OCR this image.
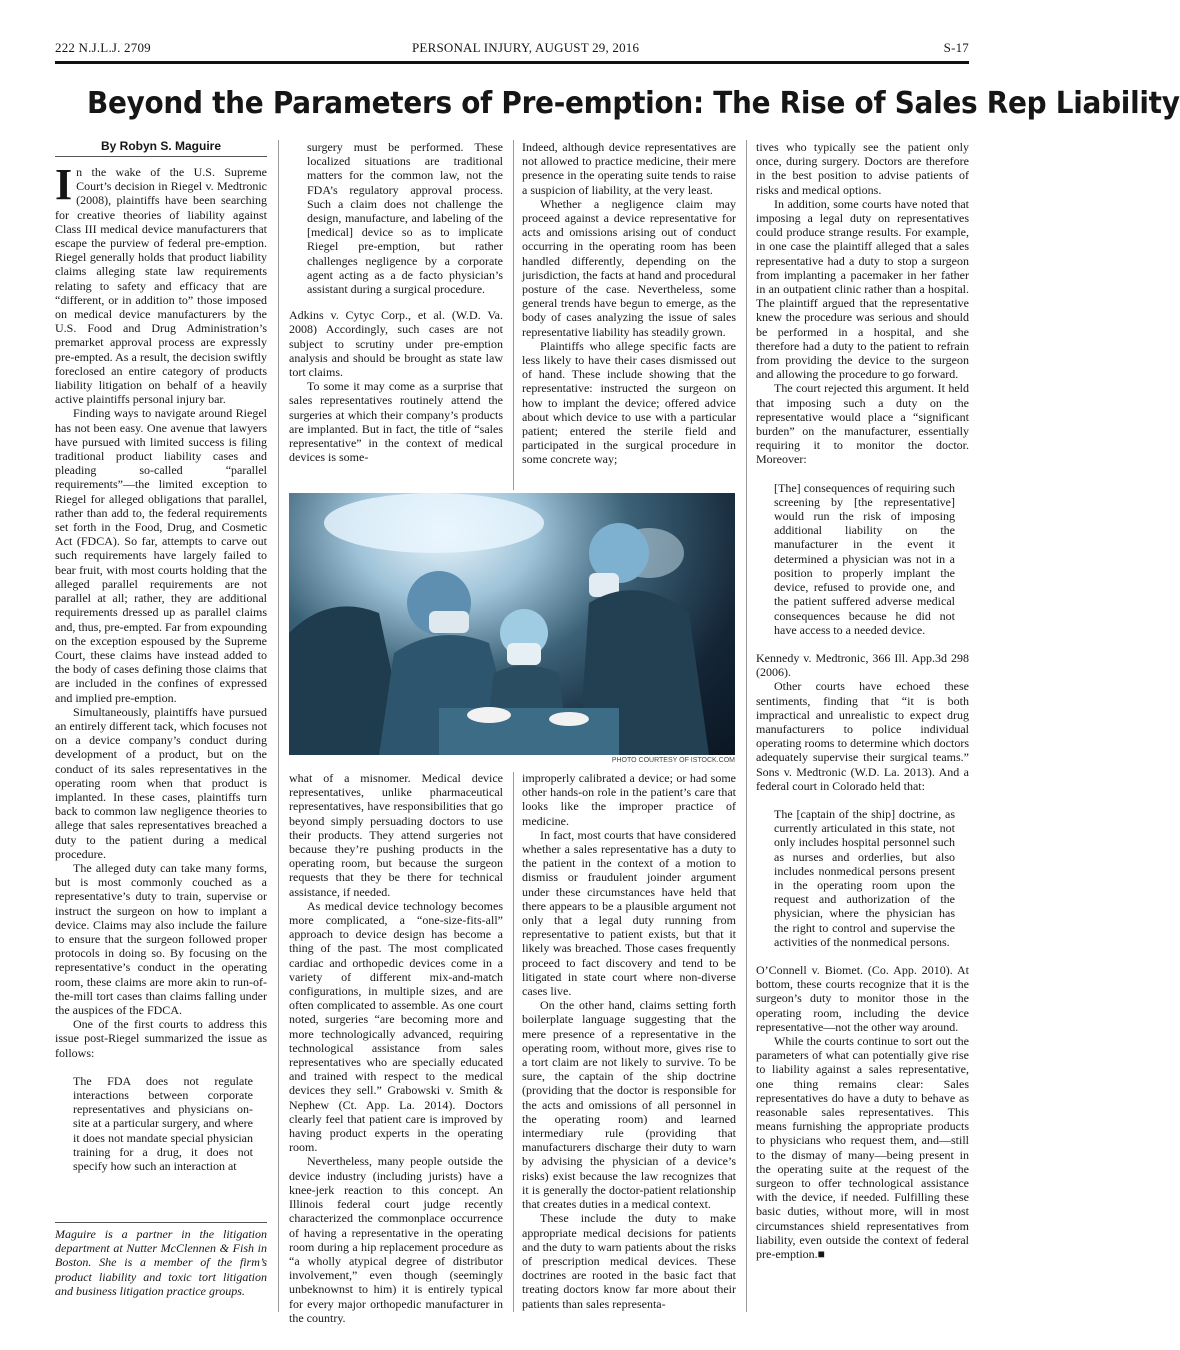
222 N.J.L.J. 2709	PERSONAL INJURY, AUGUST 29, 2016	S-17
Beyond the Parameters of Pre-emption: The Rise of Sales Rep Liability
By Robyn S. Maguire

In the wake of the U.S. Supreme Court’s decision in Riegel v. Medtronic (2008), plaintiffs have been searching for creative theories of liability against Class III medical device manufacturers that escape the purview of federal pre-emption. Riegel generally holds that product liability claims alleging state law requirements relating to safety and efficacy that are “different, or in addition to” those imposed on medical device manufacturers by the U.S. Food and Drug Administration’s premarket approval process are expressly pre-empted. As a result, the decision swiftly foreclosed an entire category of products liability litigation on behalf of a heavily active plaintiffs personal injury bar.

Finding ways to navigate around Riegel has not been easy. One avenue that lawyers have pursued with limited success is filing traditional product liability cases and pleading so-called “parallel requirements”—the limited exception to Riegel for alleged obligations that parallel, rather than add to, the federal requirements set forth in the Food, Drug, and Cosmetic Act (FDCA). So far, attempts to carve out such requirements have largely failed to bear fruit, with most courts holding that the alleged parallel requirements are not parallel at all; rather, they are additional requirements dressed up as parallel claims and, thus, pre-empted. Far from expounding on the exception espoused by the Supreme Court, these claims have instead added to the body of cases defining those claims that are included in the confines of expressed and implied pre-emption.

Simultaneously, plaintiffs have pursued an entirely different tack, which focuses not on a device company’s conduct during development of a product, but on the conduct of its sales representatives in the operating room when that product is implanted. In these cases, plaintiffs turn back to common law negligence theories to allege that sales representatives breached a duty to the patient during a medical procedure.

The alleged duty can take many forms, but is most commonly couched as a representative’s duty to train, supervise or instruct the surgeon on how to implant a device. Claims may also include the failure to ensure that the surgeon followed proper protocols in doing so. By focusing on the representative’s conduct in the operating room, these claims are more akin to run-of-the-mill tort cases than claims falling under the auspices of the FDCA.

One of the first courts to address this issue post-Riegel summarized the issue as follows:

The FDA does not regulate interactions between corporate representatives and physicians on-site at a particular surgery, and where it does not mandate special physician training for a drug, it does not specify how such an interaction at

Maguire is a partner in the litigation department at Nutter McClennen & Fish in Boston. She is a member of the firm’s product liability and toxic tort litigation and business litigation practice groups.

surgery must be performed. These localized situations are traditional matters for the common law, not the FDA’s regulatory approval process. Such a claim does not challenge the design, manufacture, and labeling of the [medical] device so as to implicate Riegel pre-emption, but rather challenges negligence by a corporate agent acting as a de facto physician’s assistant during a surgical procedure.

Adkins v. Cytyc Corp., et al. (W.D. Va. 2008) Accordingly, such cases are not subject to scrutiny under pre-emption analysis and should be brought as state law tort claims.

To some it may come as a surprise that sales representatives routinely attend the surgeries at which their company’s products are implanted. But in fact, the title of “sales representative” in the context of medical devices is some-

Indeed, although device representatives are not allowed to practice medicine, their mere presence in the operating suite tends to raise a suspicion of liability, at the very least.

Whether a negligence claim may proceed against a device representative for acts and omissions arising out of conduct occurring in the operating room has been handled differently, depending on the jurisdiction, the facts at hand and procedural posture of the case. Nevertheless, some general trends have begun to emerge, as the body of cases analyzing the issue of sales representative liability has steadily grown.

Plaintiffs who allege specific facts are less likely to have their cases dismissed out of hand. These include showing that the representative: instructed the surgeon on how to implant the device; offered advice about which device to use with a particular patient; entered the sterile field and participated in the surgical procedure in some concrete way;

PHOTO COURTESY OF ISTOCK.COM

what of a misnomer. Medical device representatives, unlike pharmaceutical representatives, have responsibilities that go beyond simply persuading doctors to use their products. They attend surgeries not because they’re pushing products in the operating room, but because the surgeon requests that they be there for technical assistance, if needed.

As medical device technology becomes more complicated, a “one-size-fits-all” approach to device design has become a thing of the past. The most complicated cardiac and orthopedic devices come in a variety of different mix-and-match configurations, in multiple sizes, and are often complicated to assemble. As one court noted, surgeries “are becoming more and more technologically advanced, requiring technological assistance from sales representatives who are specially educated and trained with respect to the medical devices they sell.” Grabowski v. Smith & Nephew (Ct. App. La. 2014). Doctors clearly feel that patient care is improved by having product experts in the operating room.

Nevertheless, many people outside the device industry (including jurists) have a knee-jerk reaction to this concept. An Illinois federal court judge recently characterized the commonplace occurrence of having a representative in the operating room during a hip replacement procedure as “a wholly atypical degree of distributor involvement,” even though (seemingly unbeknownst to him) it is entirely typical for every major orthopedic manufacturer in the country.

improperly calibrated a device; or had some other hands-on role in the patient’s care that looks like the improper practice of medicine.

In fact, most courts that have considered whether a sales representative has a duty to the patient in the context of a motion to dismiss or fraudulent joinder argument under these circumstances have held that there appears to be a plausible argument not only that a legal duty running from representative to patient exists, but that it likely was breached. Those cases frequently proceed to fact discovery and tend to be litigated in state court where non-diverse cases live.

On the other hand, claims setting forth boilerplate language suggesting that the mere presence of a representative in the operating room, without more, gives rise to a tort claim are not likely to survive. To be sure, the captain of the ship doctrine (providing that the doctor is responsible for the acts and omissions of all personnel in the operating room) and learned intermediary rule (providing that manufacturers discharge their duty to warn by advising the physician of a device’s risks) exist because the law recognizes that it is generally the doctor-patient relationship that creates duties in a medical context.

These include the duty to make appropriate medical decisions for patients and the duty to warn patients about the risks of prescription medical devices. These doctrines are rooted in the basic fact that treating doctors know far more about their patients than sales representa-

tives who typically see the patient only once, during surgery. Doctors are therefore in the best position to advise patients of risks and medical options.

In addition, some courts have noted that imposing a legal duty on representatives could produce strange results. For example, in one case the plaintiff alleged that a sales representative had a duty to stop a surgeon from implanting a pacemaker in her father in an outpatient clinic rather than a hospital. The plaintiff argued that the representative knew the procedure was serious and should be performed in a hospital, and she therefore had a duty to the patient to refrain from providing the device to the surgeon and allowing the procedure to go forward.

The court rejected this argument. It held that imposing such a duty on the representative would place a “significant burden” on the manufacturer, essentially requiring it to monitor the doctor. Moreover:

[The] consequences of requiring such screening by [the representative] would run the risk of imposing additional liability on the manufacturer in the event it determined a physician was not in a position to properly implant the device, refused to provide one, and the patient suffered adverse medical consequences because he did not have access to a needed device.

Kennedy v. Medtronic, 366 Ill. App.3d 298 (2006).

Other courts have echoed these sentiments, finding that “it is both impractical and unrealistic to expect drug manufacturers to police individual operating rooms to determine which doctors adequately supervise their surgical teams.” Sons v. Medtronic (W.D. La. 2013). And a federal court in Colorado held that:

The [captain of the ship] doctrine, as currently articulated in this state, not only includes hospital personnel such as nurses and orderlies, but also includes nonmedical persons present in the operating room upon the request and authorization of the physician, where the physician has the right to control and supervise the activities of the nonmedical persons.

O’Connell v. Biomet. (Co. App. 2010). At bottom, these courts recognize that it is the surgeon’s duty to monitor those in the operating room, including the device representative—not the other way around.

While the courts continue to sort out the parameters of what can potentially give rise to liability against a sales representative, one thing remains clear: Sales representatives do have a duty to behave as reasonable sales representatives. This means furnishing the appropriate products to physicians who request them, and—still to the dismay of many—being present in the operating suite at the request of the surgeon to offer technological assistance with the device, if needed. Fulfilling these basic duties, without more, will in most circumstances shield representatives from liability, even outside the context of federal pre-emption.■
